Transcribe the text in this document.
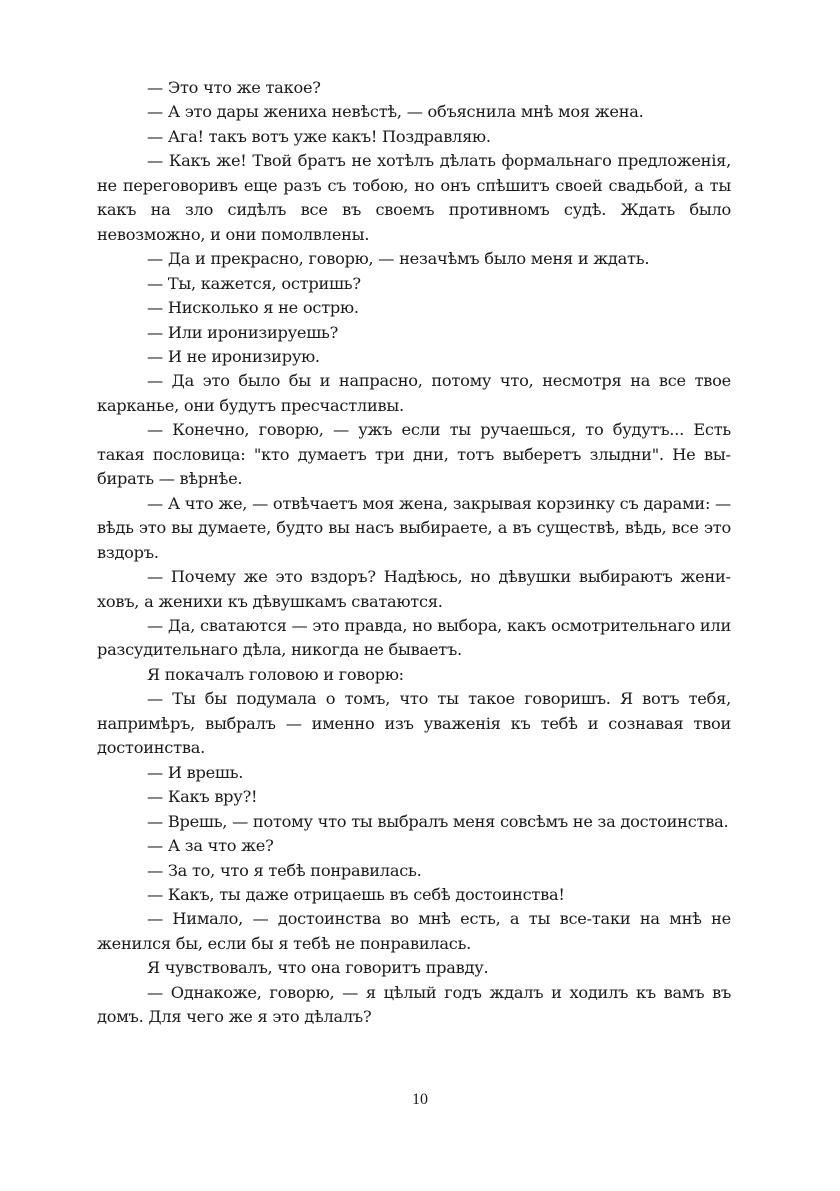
— Это что же такое?

— А это дары жениха невѣстѣ, — объяснила мнѣ моя жена.

— Ага! такъ вотъ уже какъ! Поздравляю.

— Какъ же! Твой братъ не хотѣлъ дѣлать формальнаго предложенія, не переговоривъ еще разъ съ тобою, но онъ спѣшитъ своей свадьбой, а ты какъ на зло сидѣлъ все въ своемъ противномъ судѣ. Ждать было невозможно, и они помолвлены.

— Да и прекрасно, говорю, — незачѣмъ было меня и ждать.

— Ты, кажется, остришь?

— Нисколько я не острю.

— Или иронизируешь?

— И не иронизирую.

— Да это было бы и напрасно, потому что, несмотря на все твое карканье, они будутъ пресчастливы.

— Конечно, говорю, — ужъ если ты ручаешься, то будутъ... Есть такая пословица: "кто думаетъ три дни, тотъ выберетъ злыдни". Не выбирать — вѣрнѣе.

— А что же, — отвѣчаетъ моя жена, закрывая корзинку съ дарами: — вѣдь это вы думаете, будто вы насъ выбираете, а въ существѣ, вѣдь, все это вздоръ.

— Почему же это вздоръ? Надѣюсь, но дѣвушки выбираютъ жениховъ, а женихи къ дѣвушкамъ сватаются.

— Да, сватаются — это правда, но выбора, какъ осмотрительнаго или разсудительнаго дѣла, никогда не бываетъ.

Я покачалъ головою и говорю:

— Ты бы подумала о томъ, что ты такое говоришъ. Я вотъ тебя, напримѣръ, выбралъ — именно изъ уваженія къ тебѣ и сознавая твои достоинства.

— И врешь.

— Какъ вру?!

— Врешь, — потому что ты выбралъ меня совсѣмъ не за достоинства.

— А за что же?

— За то, что я тебѣ понравилась.

— Какъ, ты даже отрицаешь въ себѣ достоинства!

— Нимало, — достоинства во мнѣ есть, а ты все-таки на мнѣ не женился бы, если бы я тебѣ не понравилась.

Я чувствовалъ, что она говоритъ правду.

— Однакоже, говорю, — я цѣлый годъ ждалъ и ходилъ къ вамъ въ домъ. Для чего же я это дѣлалъ?

10
